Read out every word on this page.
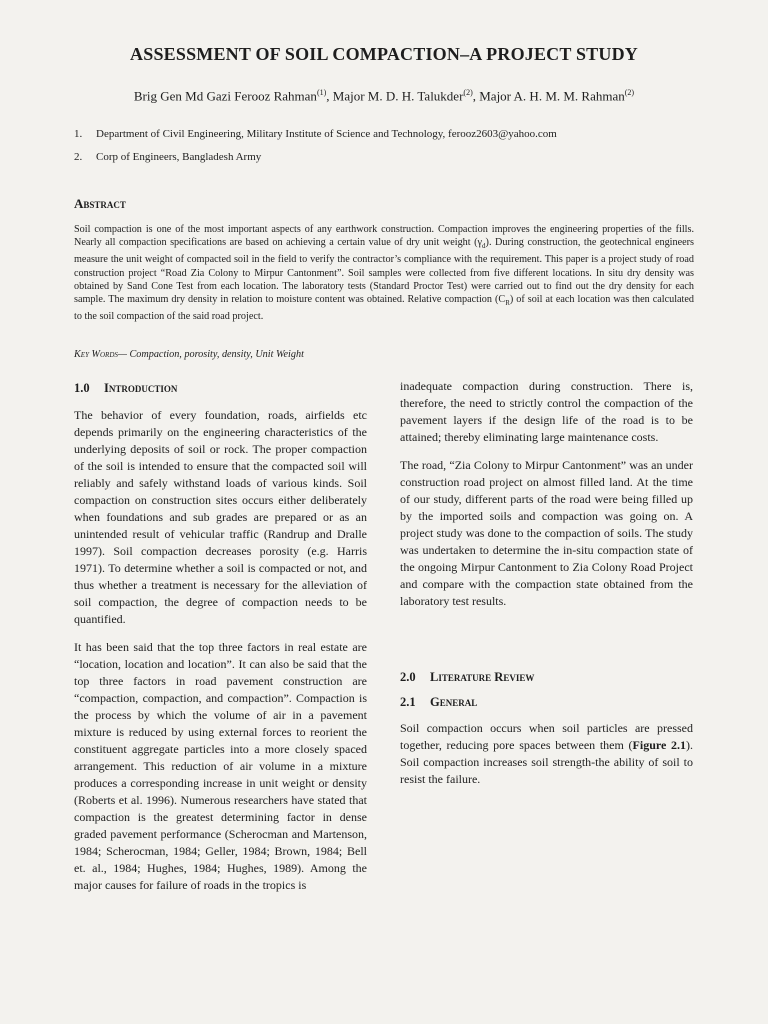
ASSESSMENT OF SOIL COMPACTION–A PROJECT STUDY
Brig Gen Md Gazi Ferooz Rahman$^{(1)}$, Major M. D. H. Talukder$^{(2)}$, Major A. H. M. M. Rahman$^{(2)}$
1. Department of Civil Engineering, Military Institute of Science and Technology, ferooz2603@yahoo.com
2. Corp of Engineers, Bangladesh Army
Abstract
Soil compaction is one of the most important aspects of any earthwork construction. Compaction improves the engineering properties of the fills. Nearly all compaction specifications are based on achieving a certain value of dry unit weight $(\gamma_d)$. During construction, the geotechnical engineers measure the unit weight of compacted soil in the field to verify the contractor’s compliance with the requirement. This paper is a project study of road construction project “Road Zia Colony to Mirpur Cantonment”. Soil samples were collected from five different locations. In situ dry density was obtained by Sand Cone Test from each location. The laboratory tests (Standard Proctor Test) were carried out to find out the dry density for each sample. The maximum dry density in relation to moisture content was obtained. Relative compaction $(C_R)$ of soil at each location was then calculated to the soil compaction of the said road project.
Key Words— Compaction, porosity, density, Unit Weight
1.0 Introduction

The behavior of every foundation, roads, airfields etc depends primarily on the engineering characteristics of the underlying deposits of soil or rock. The proper compaction of the soil is intended to ensure that the compacted soil will reliably and safely withstand loads of various kinds. Soil compaction on construction sites occurs either deliberately when foundations and sub grades are prepared or as an unintended result of vehicular traffic (Randrup and Dralle 1997). Soil compaction decreases porosity (e.g. Harris 1971). To determine whether a soil is compacted or not, and thus whether a treatment is necessary for the alleviation of soil compaction, the degree of compaction needs to be quantified.

It has been said that the top three factors in real estate are “location, location and location”. It can also be said that the top three factors in road pavement construction are “compaction, compaction, and compaction”. Compaction is the process by which the volume of air in a pavement mixture is reduced by using external forces to reorient the constituent aggregate particles into a more closely spaced arrangement. This reduction of air volume in a mixture produces a corresponding increase in unit weight or density (Roberts et al. 1996). Numerous researchers have stated that compaction is the greatest determining factor in dense graded pavement performance (Scherocman and Martenson, 1984; Scherocman, 1984; Geller, 1984; Brown, 1984; Bell et. al., 1984; Hughes, 1984; Hughes, 1989). Among the major causes for failure of roads in the tropics is

inadequate compaction during construction. There is, therefore, the need to strictly control the compaction of the pavement layers if the design life of the road is to be attained; thereby eliminating large maintenance costs.

The road, “Zia Colony to Mirpur Cantonment” was an under construction road project on almost filled land. At the time of our study, different parts of the road were being filled up by the imported soils and compaction was going on. A project study was done to the compaction of soils. The study was undertaken to determine the in-situ compaction state of the ongoing Mirpur Cantonment to Zia Colony Road Project and compare with the compaction state obtained from the laboratory test results.

2.0 Literature Review
2.1 General

Soil compaction occurs when soil particles are pressed together, reducing pore spaces between them (Figure 2.1). Soil compaction increases soil strength-the ability of soil to resist the failure.
